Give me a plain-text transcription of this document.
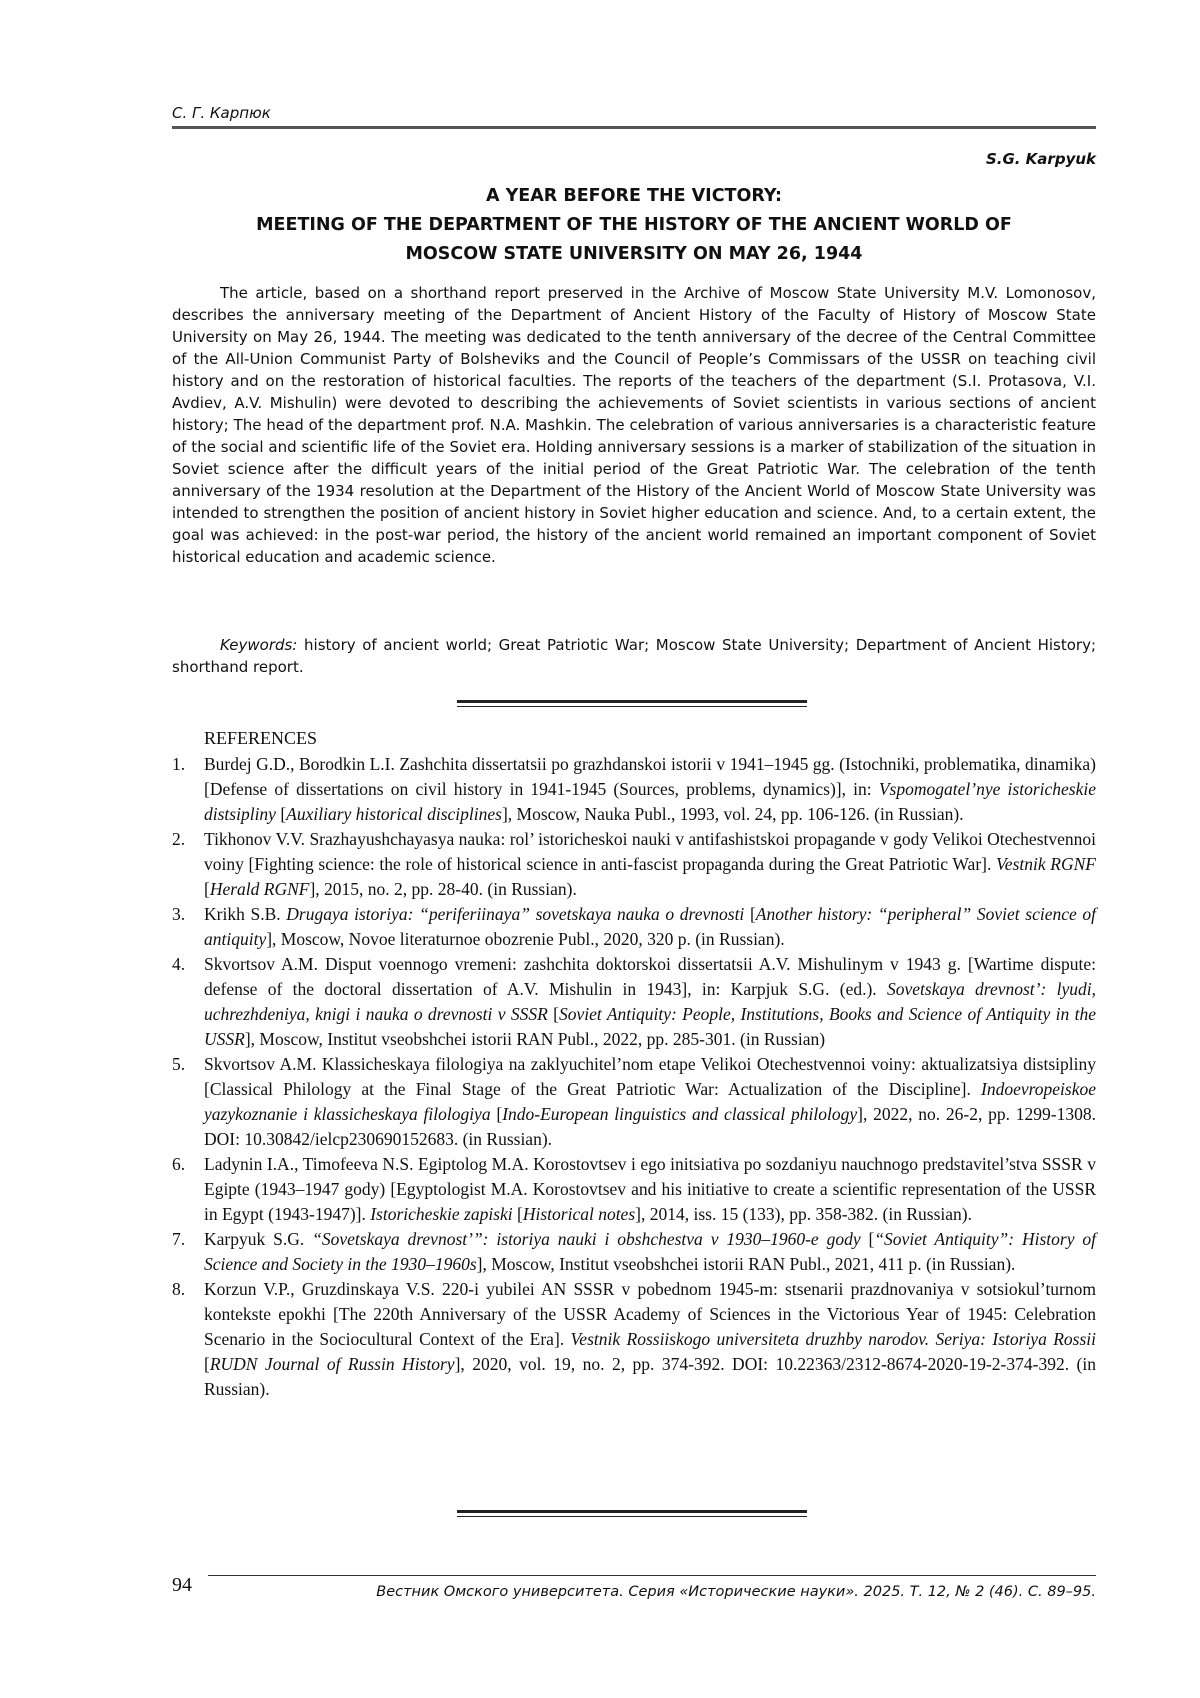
С. Г. Карпюк
S.G. Karpyuk
A YEAR BEFORE THE VICTORY:
MEETING OF THE DEPARTMENT OF THE HISTORY OF THE ANCIENT WORLD OF
MOSCOW STATE UNIVERSITY ON MAY 26, 1944

The article, based on a shorthand report preserved in the Archive of Moscow State University M.V. Lomonosov, describes the anniversary meeting of the Department of Ancient History of the Faculty of History of Moscow State University on May 26, 1944. The meeting was dedicated to the tenth anniversary of the decree of the Central Committee of the All-Union Communist Party of Bolsheviks and the Council of People’s Commissars of the USSR on teaching civil history and on the restoration of historical faculties. The reports of the teachers of the department (S.I. Protasova, V.I. Avdiev, A.V. Mishulin) were devoted to describing the achievements of Soviet scientists in various sections of ancient history; The head of the department prof. N.A. Mashkin. The celebration of various anniversaries is a characteristic feature of the social and scientific life of the Soviet era. Holding anniversary sessions is a marker of stabilization of the situation in Soviet science after the difficult years of the initial period of the Great Patriotic War. The celebration of the tenth anniversary of the 1934 resolution at the Department of the History of the Ancient World of Moscow State University was intended to strengthen the position of ancient history in Soviet higher education and science. And, to a certain extent, the goal was achieved: in the post-war period, the history of the ancient world remained an important component of Soviet historical education and academic science.

Keywords: history of ancient world; Great Patriotic War; Moscow State University; Department of Ancient History; shorthand report.

REFERENCES
1. Burdej G.D., Borodkin L.I. Zashchita dissertatsii po grazhdanskoi istorii v 1941–1945 gg. (Istochniki, problematika, dinamika) [Defense of dissertations on civil history in 1941-1945 (Sources, problems, dynamics)], in: Vspomogatel’nye istoricheskie distsipliny [Auxiliary historical disciplines], Moscow, Nauka Publ., 1993, vol. 24, pp. 106-126. (in Russian).
2. Tikhonov V.V. Srazhayushchayasya nauka: rol’ istoricheskoi nauki v antifashistskoi propagande v gody Velikoi Otechestvennoi voiny [Fighting science: the role of historical science in anti-fascist propaganda during the Great Patriotic War]. Vestnik RGNF [Herald RGNF], 2015, no. 2, pp. 28-40. (in Russian).
3. Krikh S.B. Drugaya istoriya: “periferiinaya” sovetskaya nauka o drevnosti [Another history: “peripheral” Soviet science of antiquity], Moscow, Novoe literaturnoe obozrenie Publ., 2020, 320 p. (in Russian).
4. Skvortsov A.M. Disput voennogo vremeni: zashchita doktorskoi dissertatsii A.V. Mishulinym v 1943 g. [Wartime dispute: defense of the doctoral dissertation of A.V. Mishulin in 1943], in: Karpjuk S.G. (ed.). Sovetskaya drevnost’: lyudi, uchrezhdeniya, knigi i nauka o drevnosti v SSSR [Soviet Antiquity: People, Institutions, Books and Science of Antiquity in the USSR], Moscow, Institut vseobshchei istorii RAN Publ., 2022, pp. 285-301. (in Russian)
5. Skvortsov A.M. Klassicheskaya filologiya na zaklyuchitel’nom etape Velikoi Otechestvennoi voiny: aktualizatsiya distsipliny [Classical Philology at the Final Stage of the Great Patriotic War: Actualization of the Discipline]. Indoevropeiskoe yazykoznanie i klassicheskaya filologiya [Indo-European linguistics and classical philology], 2022, no. 26-2, pp. 1299-1308. DOI: 10.30842/ielcp230690152683. (in Russian).
6. Ladynin I.A., Timofeeva N.S. Egiptolog M.A. Korostovtsev i ego initsiativa po sozdaniyu nauchnogo predstavitel’stva SSSR v Egipte (1943–1947 gody) [Egyptologist M.A. Korostovtsev and his initiative to create a scientific representation of the USSR in Egypt (1943-1947)]. Istoricheskie zapiski [Historical notes], 2014, iss. 15 (133), pp. 358-382. (in Russian).
7. Karpyuk S.G. “Sovetskaya drevnost’”: istoriya nauki i obshchestva v 1930–1960-e gody [“Soviet Antiquity”: History of Science and Society in the 1930–1960s], Moscow, Institut vseobshchei istorii RAN Publ., 2021, 411 p. (in Russian).
8. Korzun V.P., Gruzdinskaya V.S. 220-i yubilei AN SSSR v pobednom 1945-m: stsenarii prazdnovaniya v sotsiokul’turnom kontekste epokhi [The 220th Anniversary of the USSR Academy of Sciences in the Victorious Year of 1945: Celebration Scenario in the Sociocultural Context of the Era]. Vestnik Rossiiskogo universiteta druzhby narodov. Seriya: Istoriya Rossii [RUDN Journal of Russin History], 2020, vol. 19, no. 2, pp. 374-392. DOI: 10.22363/2312-8674-2020-19-2-374-392. (in Russian).
94	Вестник Омского университета. Серия «Исторические науки». 2025. Т. 12, № 2 (46). С. 89–95.
